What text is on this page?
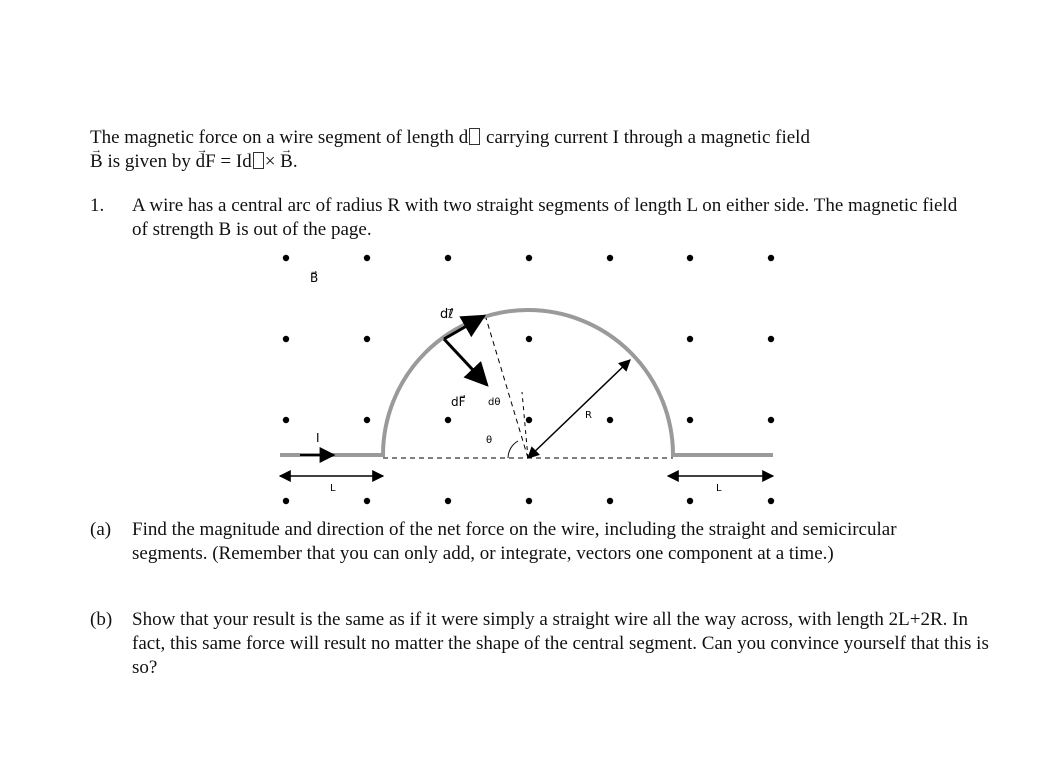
The magnetic force on a wire segment of length d carrying current I through a magnetic field
→ B is given by → dF = Id × → B.

1. A wire has a central arc of radius R with two straight segments of length L on either side. The magnetic field of strength B is out of the page.

B⃗
dℓ⃗
dF⃗ dθ
θ
R
I
L	L
(a) Find the magnitude and direction of the net force on the wire, including the straight and semicircular segments. (Remember that you can only add, or integrate, vectors one component at a time.)

(b) Show that your result is the same as if it were simply a straight wire all the way across, with length 2L+2R. In fact, this same force will result no matter the shape of the central segment. Can you convince yourself that this is so?
